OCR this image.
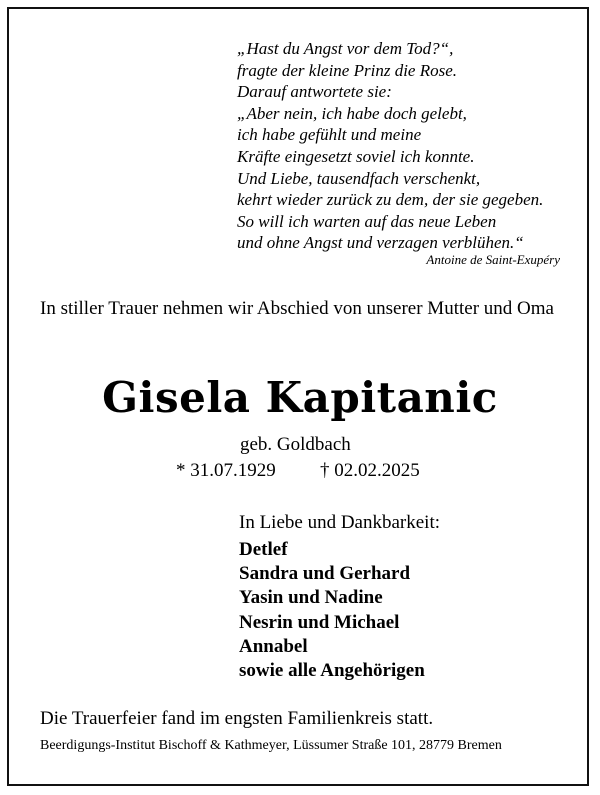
„Hast du Angst vor dem Tod?“,
fragte der kleine Prinz die Rose.
Darauf antwortete sie:
„Aber nein, ich habe doch gelebt,
ich habe gefühlt und meine
Kräfte eingesetzt soviel ich konnte.
Und Liebe, tausendfach verschenkt,
kehrt wieder zurück zu dem, der sie gegeben.
So will ich warten auf das neue Leben
und ohne Angst und verzagen verblühen.“
Antoine de Saint-Exupéry
In stiller Trauer nehmen wir Abschied von unserer Mutter und Oma
Gisela Kapitanic
geb. Goldbach
* 31.07.1929 † 02.02.2025
In Liebe und Dankbarkeit:
Detlef
Sandra und Gerhard
Yasin und Nadine
Nesrin und Michael
Annabel
sowie alle Angehörigen
Die Trauerfeier fand im engsten Familienkreis statt.
Beerdigungs-Institut Bischoff & Kathmeyer, Lüssumer Straße 101, 28779 Bremen
